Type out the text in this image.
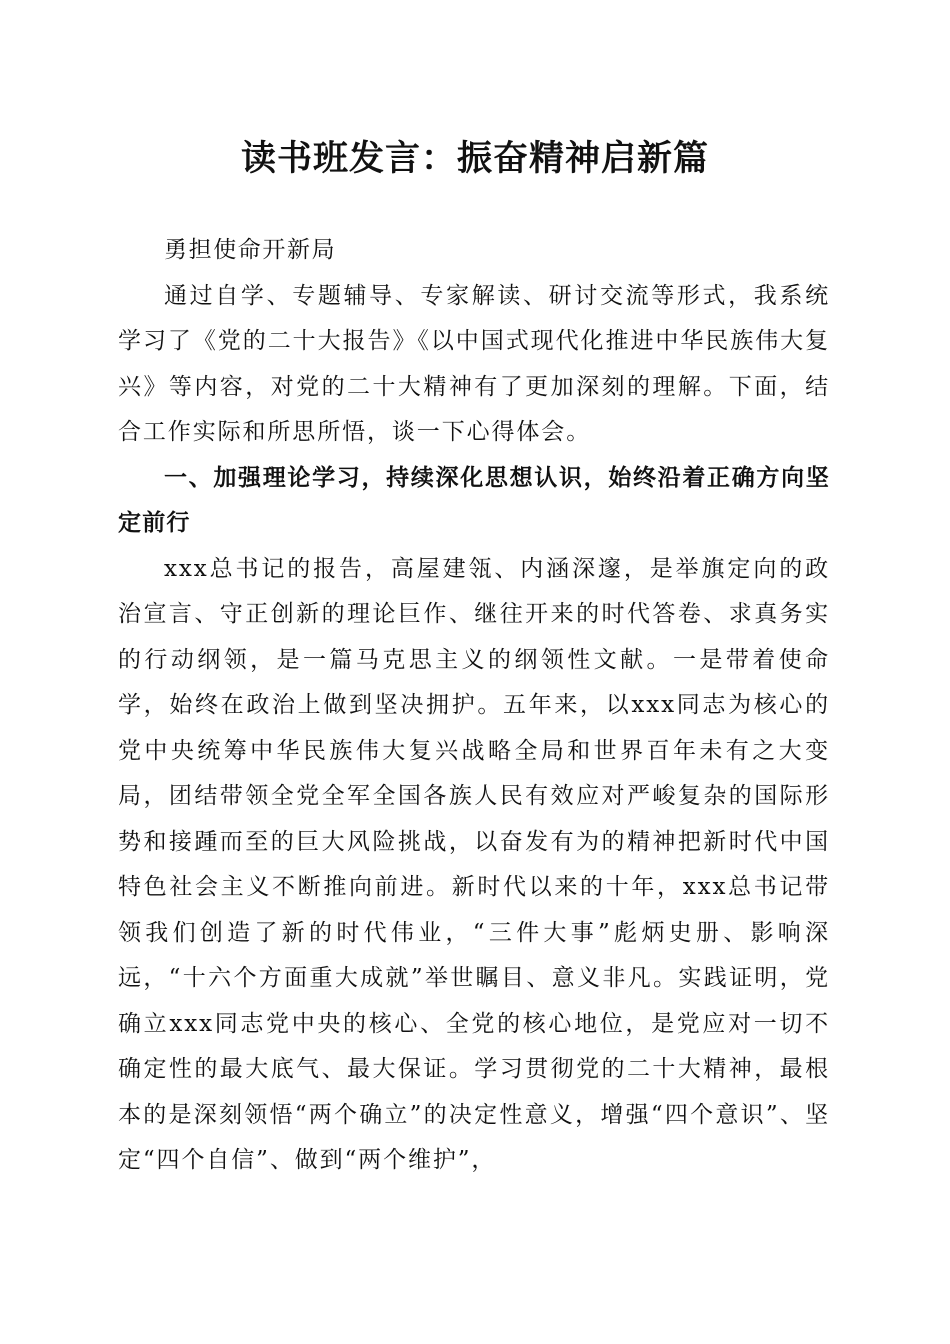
读书班发言：振奋精神启新篇

勇担使命开新局

通过自学、专题辅导、专家解读、研讨交流等形式，我系统学习了《党的二十大报告》《以中国式现代化推进中华民族伟大复兴》等内容，对党的二十大精神有了更加深刻的理解。下面，结合工作实际和所思所悟，谈一下心得体会。

一、加强理论学习，持续深化思想认识，始终沿着正确方向坚定前行

xxx总书记的报告，高屋建瓴、内涵深邃，是举旗定向的政治宣言、守正创新的理论巨作、继往开来的时代答卷、求真务实的行动纲领，是一篇马克思主义的纲领性文献。一是带着使命学，始终在政治上做到坚决拥护。五年来，以xxx同志为核心的党中央统筹中华民族伟大复兴战略全局和世界百年未有之大变局，团结带领全党全军全国各族人民有效应对严峻复杂的国际形势和接踵而至的巨大风险挑战，以奋发有为的精神把新时代中国特色社会主义不断推向前进。新时代以来的十年，xxx总书记带领我们创造了新的时代伟业，“三件大事”彪炳史册、影响深远，“十六个方面重大成就”举世瞩目、意义非凡。实践证明，党确立xxx同志党中央的核心、全党的核心地位，是党应对一切不确定性的最大底气、最大保证。学习贯彻党的二十大精神，最根本的是深刻领悟“两个确立”的决定性意义，增强“四个意识”、坚定“四个自信”、做到“两个维护”，
